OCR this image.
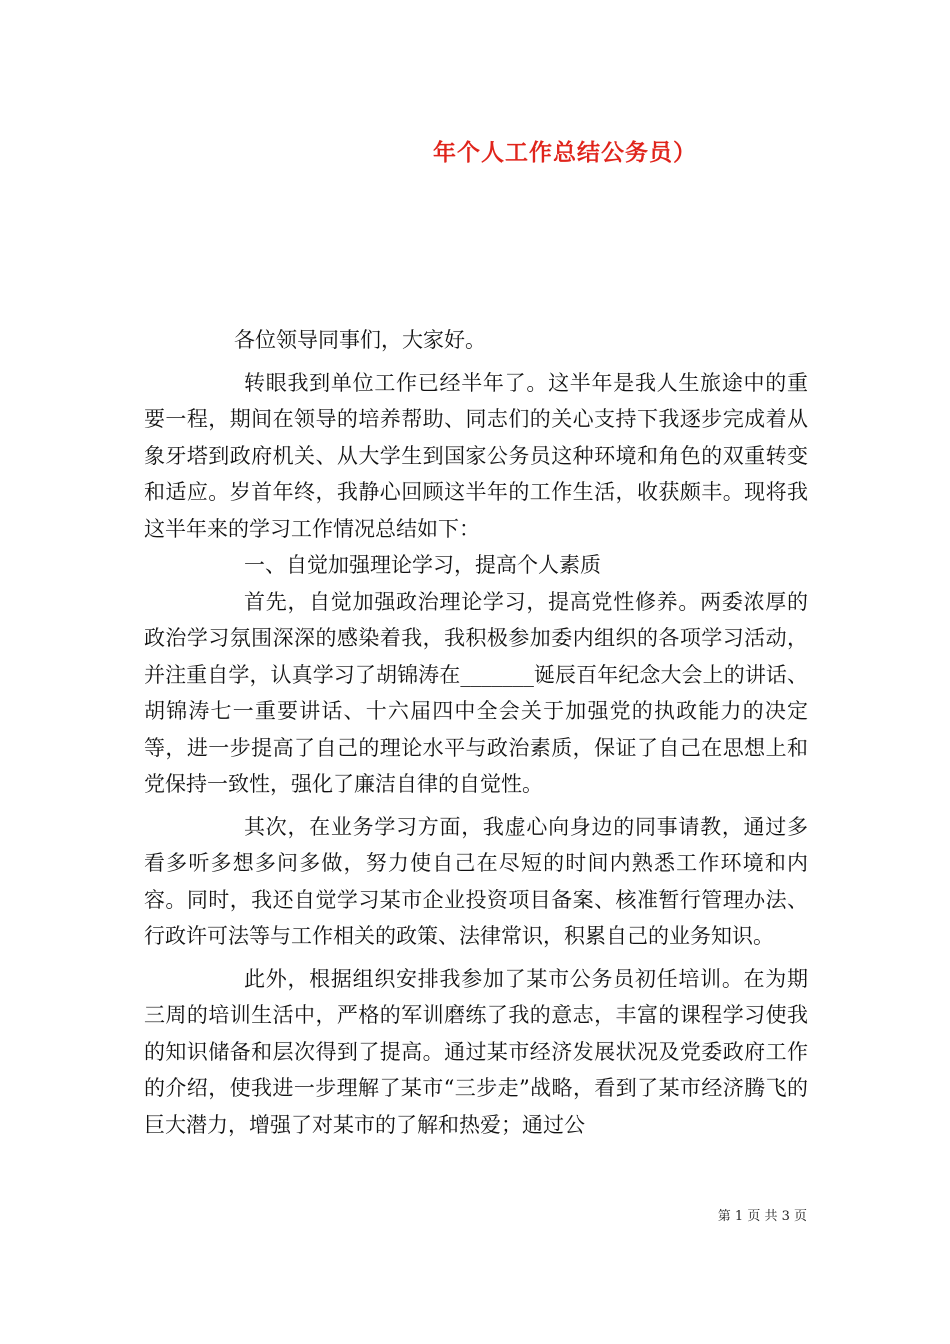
年个人工作总结公务员）

各位领导同事们，大家好。

转眼我到单位工作已经半年了。这半年是我人生旅途中的重要一程，期间在领导的培养帮助、同志们的关心支持下我逐步完成着从象牙塔到政府机关、从大学生到国家公务员这种环境和角色的双重转变和适应。岁首年终，我静心回顾这半年的工作生活，收获颇丰。现将我这半年来的学习工作情况总结如下：

一、自觉加强理论学习，提高个人素质

首先，自觉加强政治理论学习，提高党性修养。两委浓厚的政治学习氛围深深的感染着我，我积极参加委内组织的各项学习活动，并注重自学，认真学习了胡锦涛在_______诞辰百年纪念大会上的讲话、胡锦涛七一重要讲话、十六届四中全会关于加强党的执政能力的决定等，进一步提高了自己的理论水平与政治素质，保证了自己在思想上和党保持一致性，强化了廉洁自律的自觉性。

其次，在业务学习方面，我虚心向身边的同事请教，通过多看多听多想多问多做，努力使自己在尽短的时间内熟悉工作环境和内容。同时，我还自觉学习某市企业投资项目备案、核准暂行管理办法、行政许可法等与工作相关的政策、法律常识，积累自己的业务知识。

此外，根据组织安排我参加了某市公务员初任培训。在为期三周的培训生活中，严格的军训磨练了我的意志，丰富的课程学习使我的知识储备和层次得到了提高。通过某市经济发展状况及党委政府工作的介绍，使我进一步理解了某市“三步走”战略，看到了某市经济腾飞的巨大潜力，增强了对某市的了解和热爱；通过公

第 1 页 共 3 页
